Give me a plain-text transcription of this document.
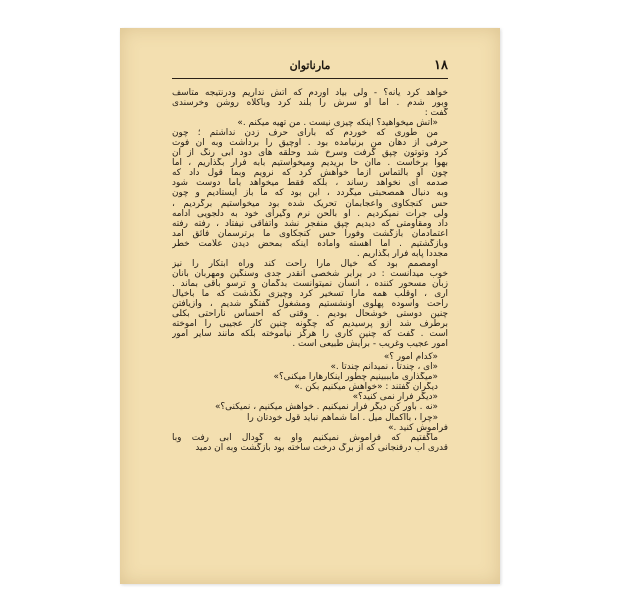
۱۸
مارناتوان
خواهد کرد یانه؟ - ولی بیاد آوردم که آتش نداریم ودرنتیجه متاسف
وبور شدم . اما او سرش را بلند کرد وباکلاه روشن وخرسندی
گفت :
«آتش میخواهید؟ اینکه چیزی نیست . من تهیه میکنم .»
من طوری که خوردم که بارای حرف زدن نداشتم ؛ چون
حرفی از دهان من برنیامده بود . آوچیق را برداشت وبه آن فوت
کرد وتوتون چپق گرفت وسرخ شد وحلقه های دود آبی رنگ از آن
بهوا برخاست . ماآن حا بریدیم ومیخواستیم بابه فرار بگذاریم ، اما
چون او بالتماس ازما خواهش کرد که نرویم وبما قول داد که
صدمه ای نخواهد رساند ، بلکه فقط میخواهد باما دوست شود
وبه دنبال همصحبتی میگردد ، این بود که ما باز ایستادیم و چون
حس کنجکاوی واعجابمان تحریک شده بود میخواستیم برگردیم ،
ولی جرات نمیکردیم . او بالحن نرم وگیرای خود به دلجویی ادامه
داد ومقاومتی که دیدیم چپق منفجر نشد واتفاقی نیفتاد ، رفته رفته
اعتمادمان بازگشت وفورا حس کنجکاوی ما برترسمان فائق آمد
وبازگشتیم . اما آهسته وآماده اینکه بمحض دیدن علامت خطر
مجددا پابه فرار بگذاریم .
اومصمم بود که خیال مارا راحت کند وراه ابتکار را نیز
خوب میدانست : در برابر شخصی آنقدر جدی وسنگین ومهربان بانان
زبان مسحور کننده ، انسان نمیتوانست بدگمان و ترسو باقی بماند .
آری ، اوقلب همه مارا تسخیر کرد وچیزی نگذشت که ما باخیال
راحت وآسوده پهلوی اونشستیم ومشغول گفتگو شدیم ، وازیافتن
چنین دوستی خوشحال بودیم . وقتی که احساس ناراحتی بکلی
برطرف شد ازو پرسیدیم که چگونه چنین کار عجیبی را آموخته
است . گفت که چنین کاری را هرگز نیاموخته بلکه مانند سایر امور
امور عجیب وغریب - برایش طبیعی است .
«کدام امور ؟»
«ای ، چندتا ، نمیدانم چندتا .»
«میگذاری مابببینیم چطور اینکارهارا میکنی؟»
دیگران گفتند : «خواهش میکنیم بکن .»
«دیگر فرار نمی کنید؟»
«نه . باور کن دیگر فرار نمیکنیم . خواهش میکنیم ، نمیکنی؟»
«چرا ، بااکمال میل . اما شماهم نباید قول خودتان را
فراموش کنید .»
ماگفتیم که فراموش نمیکنیم واو به گودال آبی رفت وبا
قدری آب درفنجانی که از برگ درخت ساخته بود بازگشت وبه آن دمید
